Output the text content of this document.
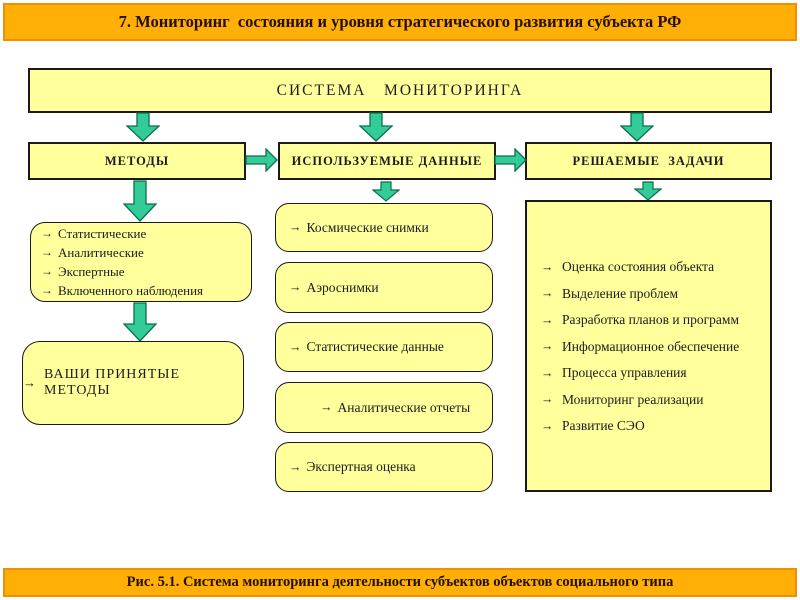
7. Мониторинг  состояния и уровня стратегического развития субъекта РФ
СИСТЕМА   МОНИТОРИНГА
МЕТОДЫ	ИСПОЛЬЗУЕМЫЕ ДАННЫЕ	РЕШАЕМЫЕ  ЗАДАЧИ
→ Статистические
→ Аналитические
→ Экспертные
→ Включенного наблюдения
→
ВАШИ ПРИНЯТЫЕ МЕТОДЫ
→ Космические снимки
→ Аэроснимки
→ Статистические данные
→ Аналитические отчеты
→ Экспертная оценка
→ Оценка состояния объекта
→ Выделение проблем
→ Разработка планов и программ
→ Информационное обеспечение
→ Процесса управления
→ Мониторинг реализации
→ Развитие СЭО
Рис. 5.1. Система мониторинга деятельности субъектов объектов социального типа
